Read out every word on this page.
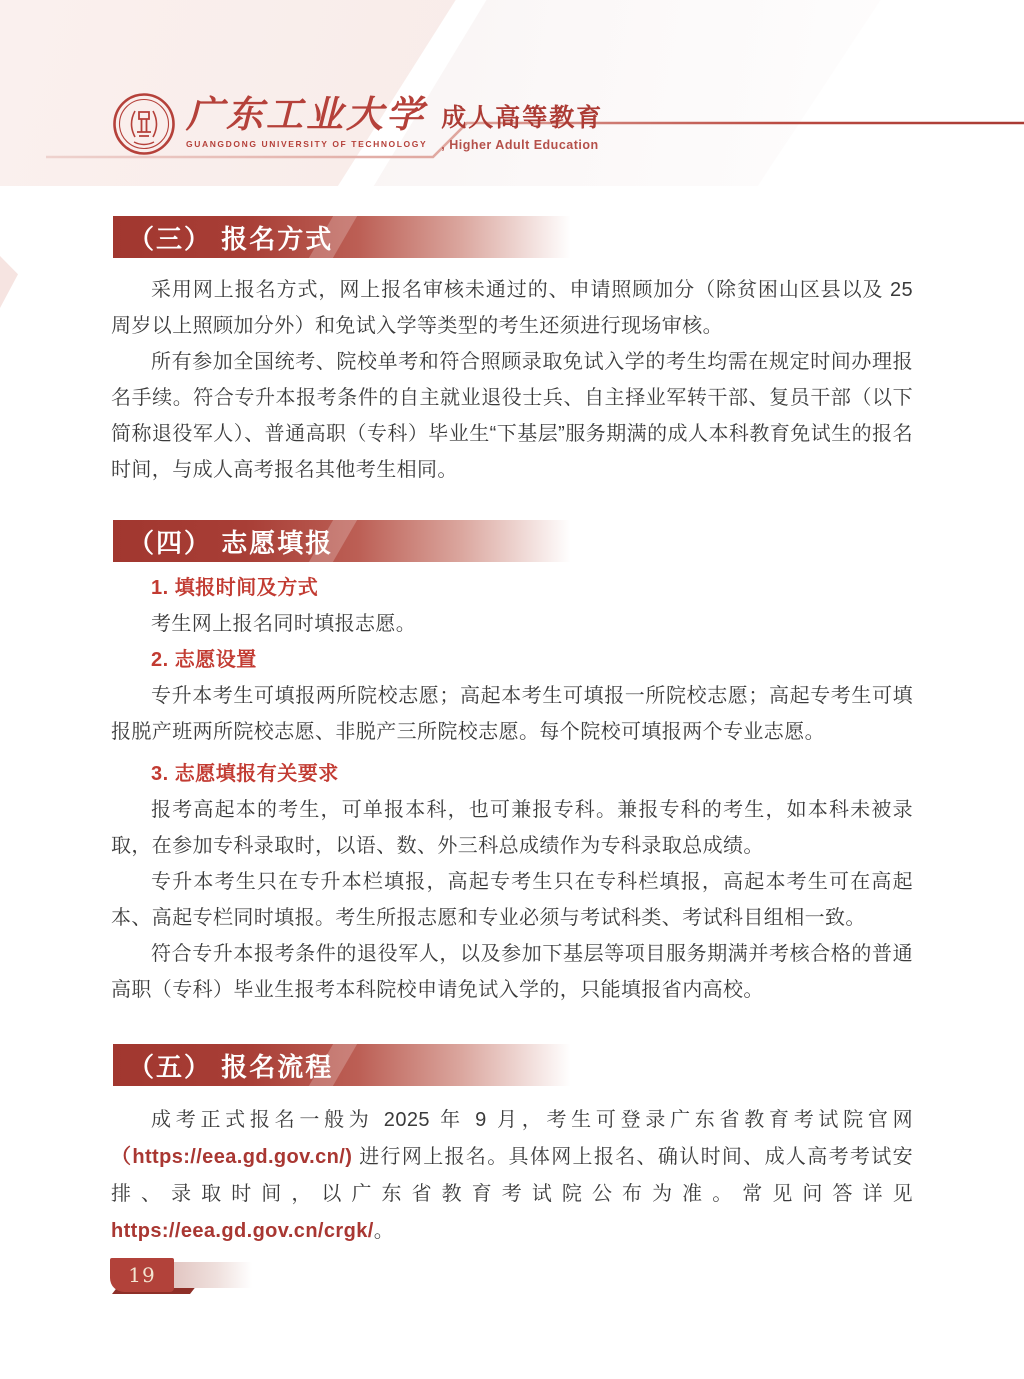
广东工业大学
GUANGDONG UNIVERSITY OF TECHNOLOGY
成人高等教育
, Higher Adult Education
（三） 报名方式

采用网上报名方式，网上报名审核未通过的、申请照顾加分（除贫困山区县以及 25 周岁以上照顾加分外）和免试入学等类型的考生还须进行现场审核。

所有参加全国统考、院校单考和符合照顾录取免试入学的考生均需在规定时间办理报名手续。符合专升本报考条件的自主就业退役士兵、自主择业军转干部、复员干部（以下简称退役军人）、普通高职（专科）毕业生“下基层”服务期满的成人本科教育免试生的报名时间，与成人高考报名其他考生相同。

（四） 志愿填报
1. 填报时间及方式

考生网上报名同时填报志愿。

2. 志愿设置

专升本考生可填报两所院校志愿；高起本考生可填报一所院校志愿；高起专考生可填报脱产班两所院校志愿、非脱产三所院校志愿。每个院校可填报两个专业志愿。

3. 志愿填报有关要求

报考高起本的考生，可单报本科，也可兼报专科。兼报专科的考生，如本科未被录取，在参加专科录取时，以语、数、外三科总成绩作为专科录取总成绩。

专升本考生只在专升本栏填报，高起专考生只在专科栏填报，高起本考生可在高起本、高起专栏同时填报。考生所报志愿和专业必须与考试科类、考试科目组相一致。

符合专升本报考条件的退役军人，以及参加下基层等项目服务期满并考核合格的普通高职（专科）毕业生报考本科院校申请免试入学的，只能填报省内高校。

（五） 报名流程

成考正式报名一般为 2025 年 9 月，考生可登录广东省教育考试院官网（https://eea.gd.gov.cn/) 进行网上报名。具体网上报名、确认时间、成人高考考试安排、录取时间，以广东省教育考试院公布为准。常见问答详见 https://eea.gd.gov.cn/crgk/。

19
